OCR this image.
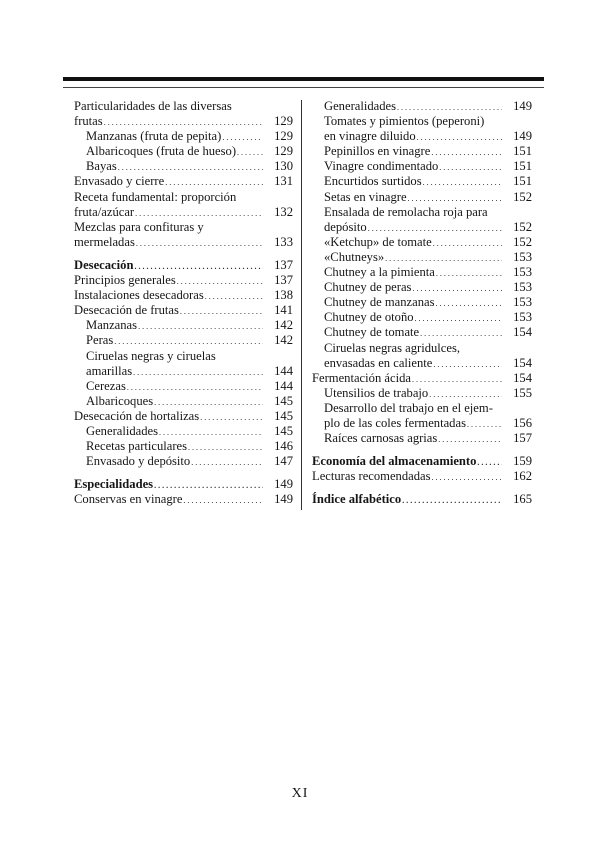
Particularidades de las diversas
frutas . . .	129
Manzanas (fruta de pepita) . . .	129
Albaricoques (fruta de hueso) . . .	129
Bayas . . .	130
Envasado y cierre . . .	131
Receta fundamental: proporción
fruta/azúcar . . .	132
Mezclas para confituras y
mermeladas . . .	133
Desecación . . .	137
Principios generales . . .	137
Instalaciones desecadoras . . .	138
Desecación de frutas . . .	141
Manzanas . . .	142
Peras . . .	142
Ciruelas negras y ciruelas
amarillas . . .	144
Cerezas . . .	144
Albaricoques . . .	145
Desecación de hortalizas . . .	145
Generalidades . . .	145
Recetas particulares . . .	146
Envasado y depósito . . .	147
Especialidades . . .	149
Conservas en vinagre . . .	149
Generalidades . . .	149
Tomates y pimientos (peperoni)
en vinagre diluido . . .	149
Pepinillos en vinagre . . .	151
Vinagre condimentado . . .	151
Encurtidos surtidos . . .	151
Setas en vinagre . . .	152
Ensalada de remolacha roja para
depósito . . .	152
«Ketchup» de tomate . . .	152
«Chutneys» . . .	153
Chutney a la pimienta . . .	153
Chutney de peras . . .	153
Chutney de manzanas . . .	153
Chutney de otoño . . .	153
Chutney de tomate . . .	154
Ciruelas negras agridulces,
envasadas en caliente . . .	154
Fermentación ácida . . .	154
Utensilios de trabajo . . .	155
Desarrollo del trabajo en el ejem-
plo de las coles fermentadas . . .	156
Raíces carnosas agrias . . .	157
Economía del almacenamiento . . .	159
Lecturas recomendadas . . .	162
Índice alfabético . . .	165
XI
